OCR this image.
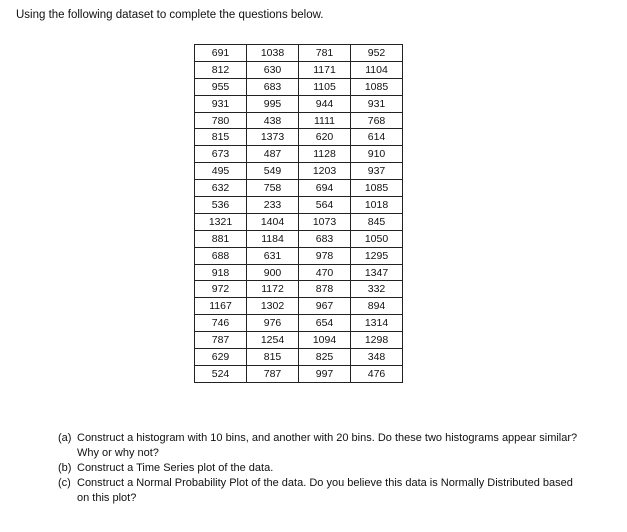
Using the following dataset to complete the questions below.
691	1038	781	952
812	630	1171	1104
955	683	1105	1085
931	995	944	931
780	438	1111	768
815	1373	620	614
673	487	1128	910
495	549	1203	937
632	758	694	1085
536	233	564	1018
1321	1404	1073	845
881	1184	683	1050
688	631	978	1295
918	900	470	1347
972	1172	878	332
1167	1302	967	894
746	976	654	1314
787	1254	1094	1298
629	815	825	348
524	787	997	476
(a) Construct a histogram with 10 bins, and another with 20 bins. Do these two histograms appear similar? Why or why not?
(b) Construct a Time Series plot of the data.
(c) Construct a Normal Probability Plot of the data. Do you believe this data is Normally Distributed based on this plot?
